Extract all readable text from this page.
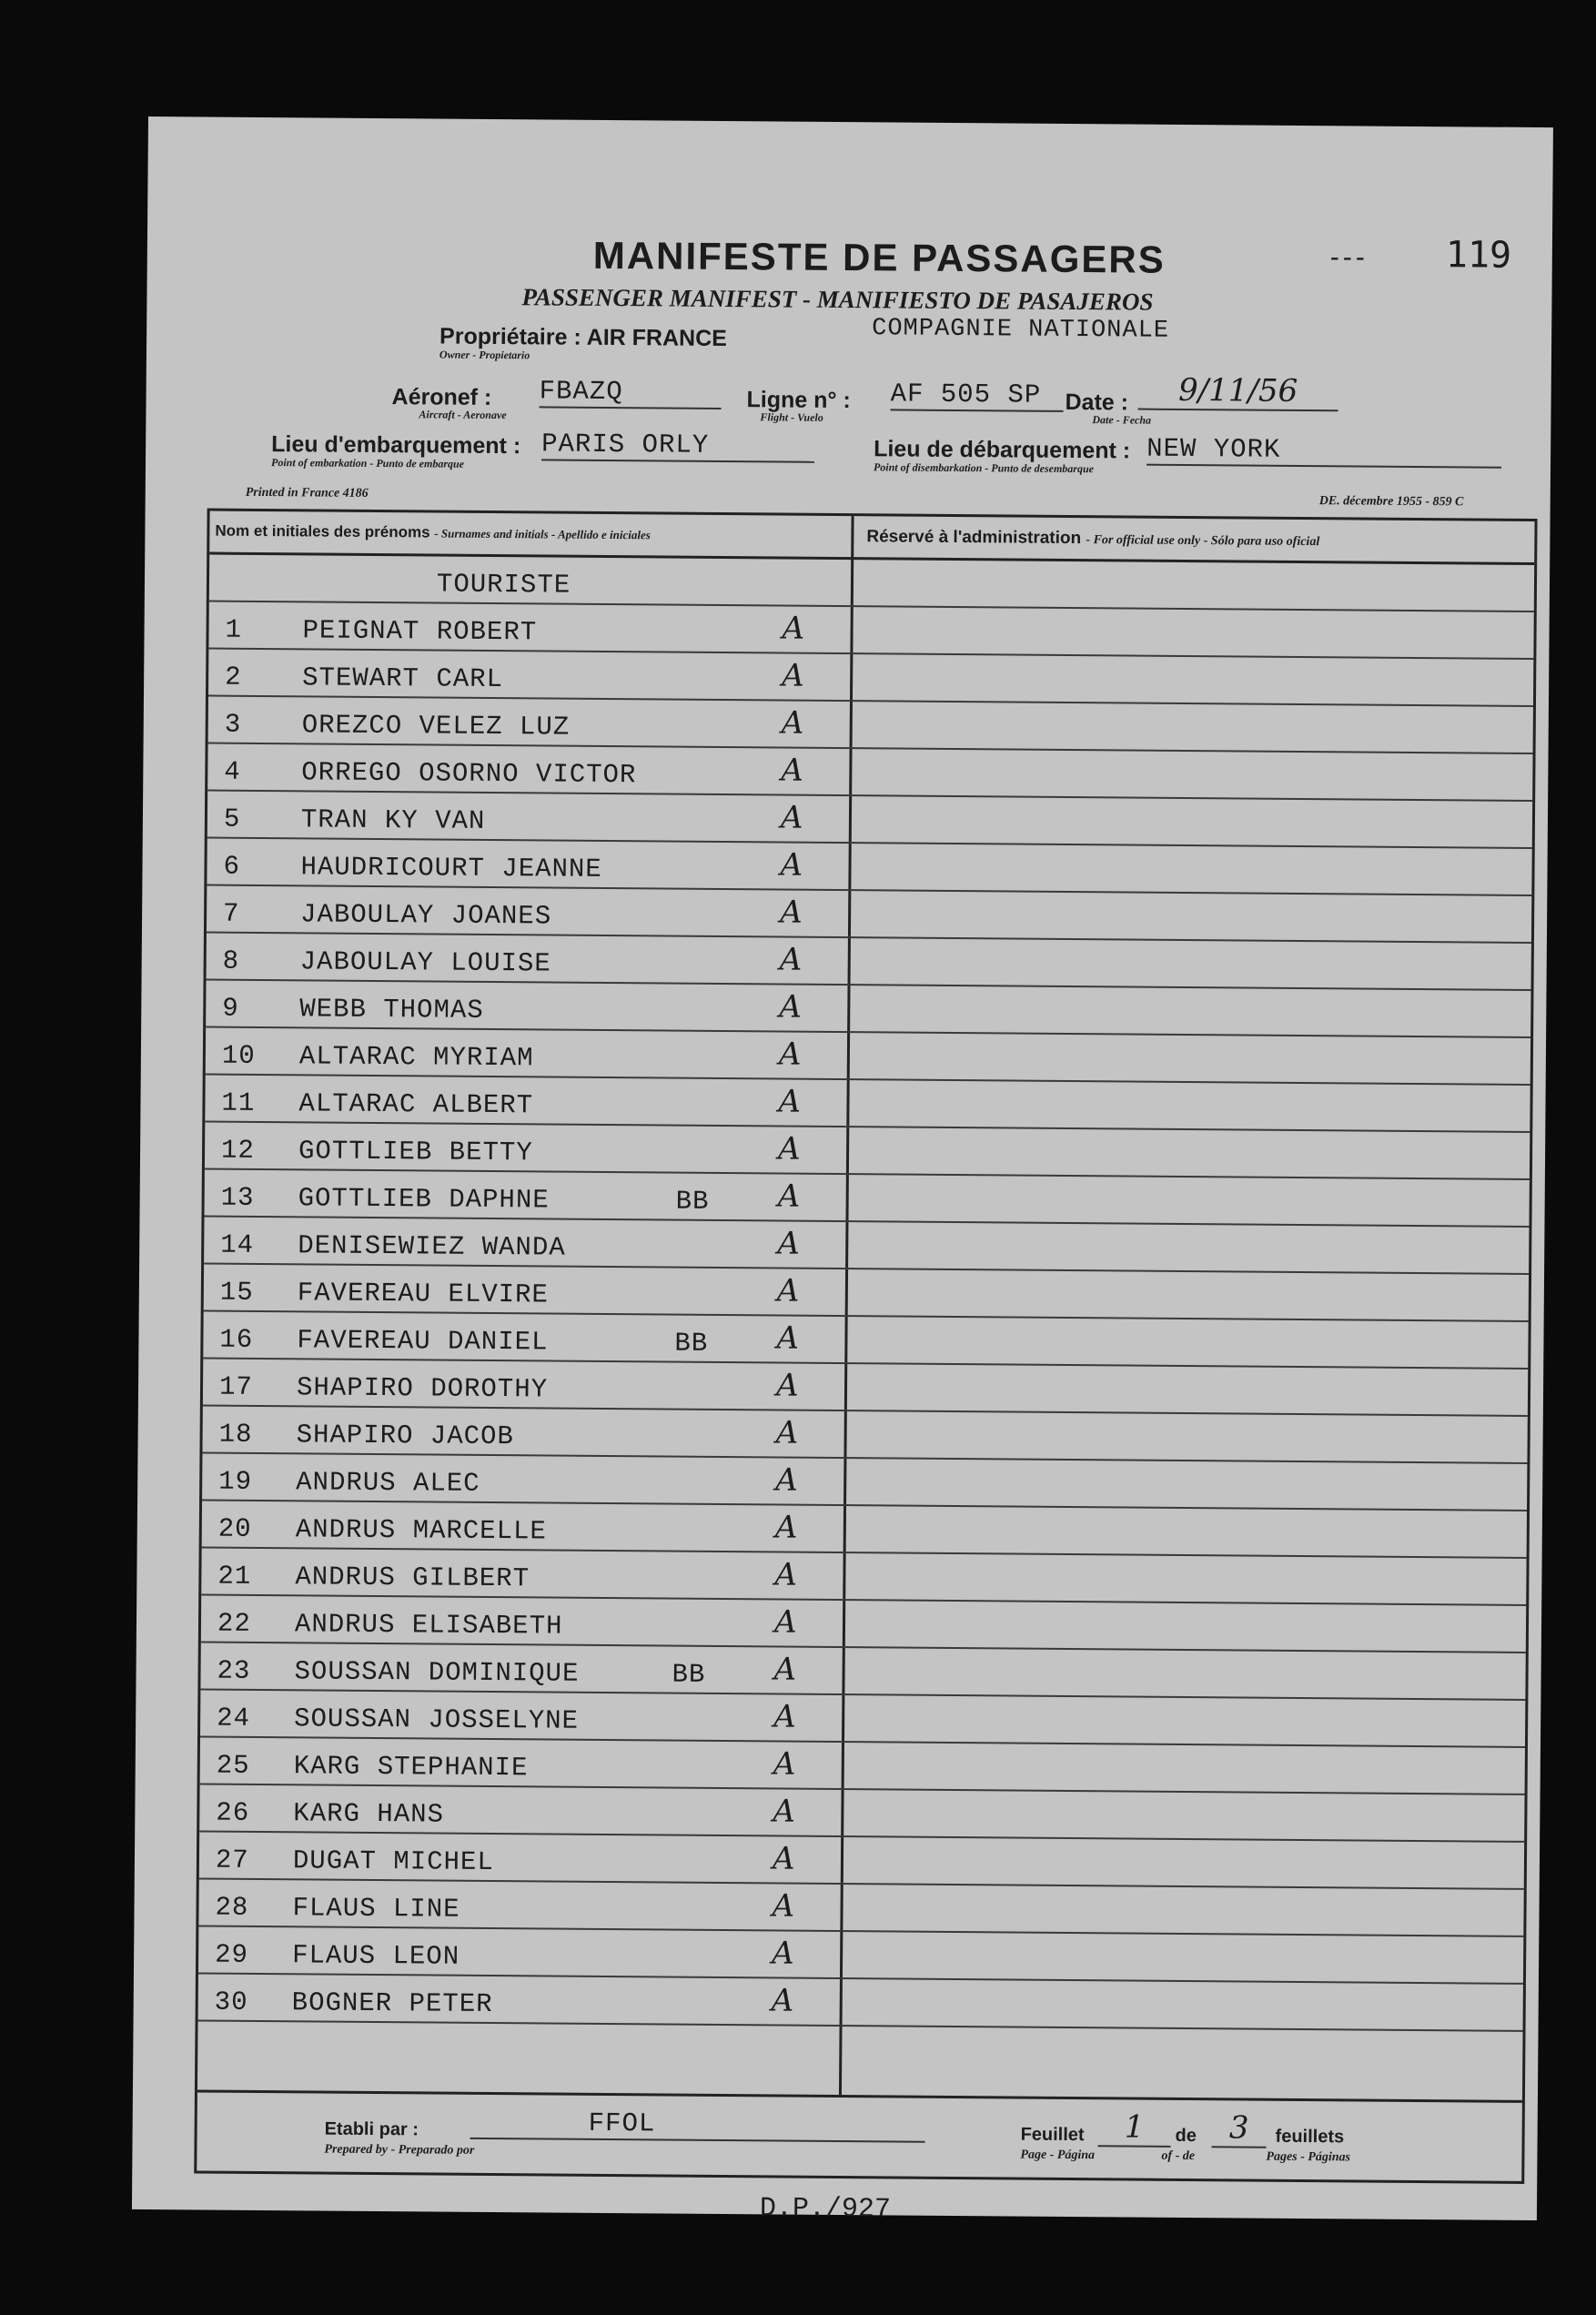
--- 119
MANIFESTE DE PASSAGERS
PASSENGER MANIFEST - MANIFIESTO DE PASAJEROS
Propriétaire : AIR FRANCE
Owner - Propietario
COMPAGNIE NATIONALE
Aéronef :
Aircraft - Aeronave
FBAZQ	Ligne n° :
Flight - Vuelo
AF 505 SP	Date :
Date - Fecha
9/11/56
Lieu d'embarquement :
Point of embarkation - Punto de embarque
PARIS ORLY	Lieu de débarquement :
Point of disembarkation - Punto de desembarque
NEW YORK
Printed in France 4186
DE. décembre 1955 - 859 C
Nom et initiales des prénoms - Surnames and initials - Apellido e iniciales	Réservé à l'administration - For official use only - Sólo para uso oficial
TOURISTE
1 PEIGNAT ROBERT	A
2 STEWART CARL	A
3 OREZCO VELEZ LUZ	A
4 ORREGO OSORNO VICTOR	A
5 TRAN KY VAN	A
6 HAUDRICOURT JEANNE	A
7 JABOULAY JOANES	A
8 JABOULAY LOUISE	A
9 WEBB THOMAS	A
10 ALTARAC MYRIAM	A
11 ALTARAC ALBERT	A
12 GOTTLIEB BETTY	A
13 GOTTLIEB DAPHNE	BB A
14 DENISEWIEZ WANDA	A
15 FAVEREAU ELVIRE	A
16 FAVEREAU DANIEL	BB A
17 SHAPIRO DOROTHY	A
18 SHAPIRO JACOB	A
19 ANDRUS ALEC	A
20 ANDRUS MARCELLE	A
21 ANDRUS GILBERT	A
22 ANDRUS ELISABETH	A
23 SOUSSAN DOMINIQUE	BB A
24 SOUSSAN JOSSELYNE	A
25 KARG STEPHANIE	A
26 KARG HANS	A
27 DUGAT MICHEL	A
28 FLAUS LINE	A
29 FLAUS LEON	A
30 BOGNER PETER	A
Etabli par :
Prepared by - Preparado por
FFOL	Feuillet
Page - Página
1	de
of - de
3	feuillets
Pages - Páginas
D.P./927
